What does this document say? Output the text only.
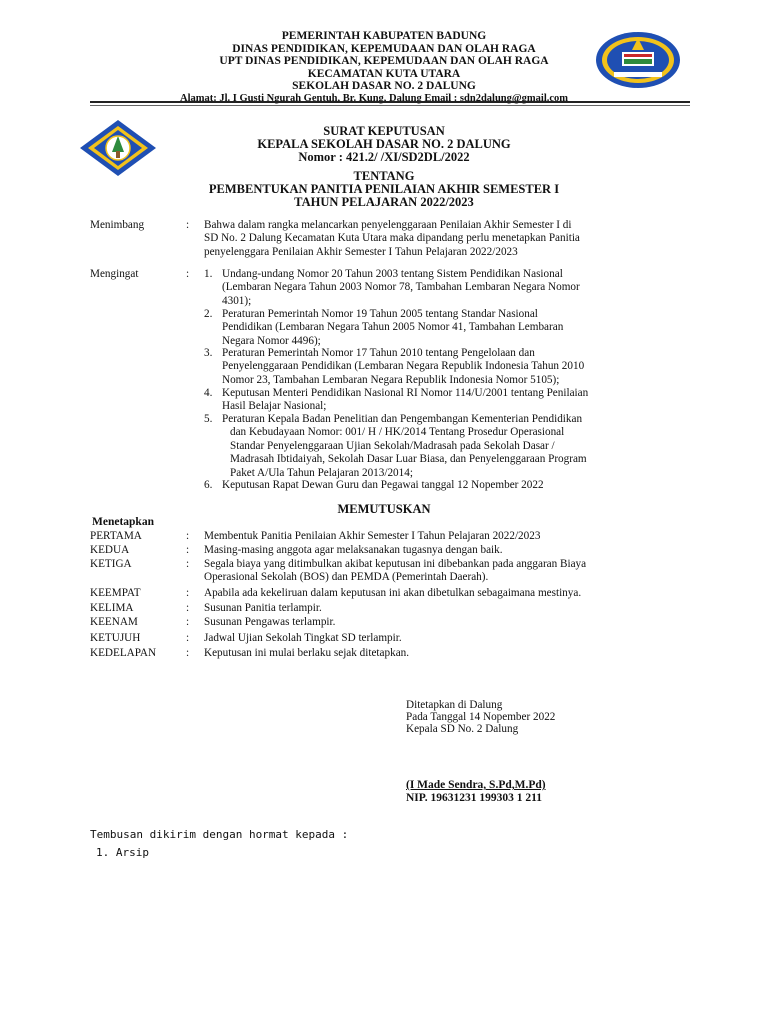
PEMERINTAH KABUPATEN BADUNG
DINAS PENDIDIKAN, KEPEMUDAAN DAN OLAH RAGA
UPT DINAS PENDIDIKAN, KEPEMUDAAN DAN OLAH RAGA
KECAMATAN KUTA UTARA
SEKOLAH DASAR NO. 2 DALUNG
Alamat: Jl. I Gusti Ngurah Gentuh, Br. Kung, Dalung Email : sdn2dalung@gmail.com
SURAT KEPUTUSAN
KEPALA SEKOLAH DASAR NO. 2 DALUNG
Nomor : 421.2/ /XI/SD2DL/2022
TENTANG
PEMBENTUKAN PANITIA PENILAIAN AKHIR SEMESTER I
TAHUN PELAJARAN 2022/2023
Menimbang	: Bahwa dalam rangka melancarkan penyelenggaraan Penilaian Akhir Semester I di
SD No. 2 Dalung Kecamatan Kuta Utara maka dipandang perlu menetapkan Panitia
penyelenggara Penilaian Akhir Semester I Tahun Pelajaran 2022/2023
Mengingat	: 1. Undang-undang Nomor 20 Tahun 2003 tentang Sistem Pendidikan Nasional
(Lembaran Negara Tahun 2003 Nomor 78, Tambahan Lembaran Negara Nomor
4301);
2. Peraturan Pemerintah Nomor 19 Tahun 2005 tentang Standar Nasional
Pendidikan (Lembaran Negara Tahun 2005 Nomor 41, Tambahan Lembaran
Negara Nomor 4496);
3. Peraturan Pemerintah Nomor 17 Tahun 2010 tentang Pengelolaan dan
Penyelenggaraan Pendidikan (Lembaran Negara Republik Indonesia Tahun 2010
Nomor 23, Tambahan Lembaran Negara Republik Indonesia Nomor 5105);
4. Keputusan Menteri Pendidikan Nasional RI Nomor 114/U/2001 tentang Penilaian
Hasil Belajar Nasional;
5. Peraturan Kepala Badan Penelitian dan Pengembangan Kementerian Pendidikan
dan Kebudayaan Nomor: 001/ H / HK/2014 Tentang Prosedur Operasional
Standar Penyelenggaraan Ujian Sekolah/Madrasah pada Sekolah Dasar /
Madrasah Ibtidaiyah, Sekolah Dasar Luar Biasa, dan Penyelenggaraan Program
Paket A/Ula Tahun Pelajaran 2013/2014;
6. Keputusan Rapat Dewan Guru dan Pegawai tanggal 12 Nopember 2022
MEMUTUSKAN
Menetapkan
PERTAMA	: Membentuk Panitia Penilaian Akhir Semester I Tahun Pelajaran 2022/2023
KEDUA	: Masing-masing anggota agar melaksanakan tugasnya dengan baik.
KETIGA	: Segala biaya yang ditimbulkan akibat keputusan ini dibebankan pada anggaran Biaya
Operasional Sekolah (BOS) dan PEMDA (Pemerintah Daerah).
KEEMPAT	: Apabila ada kekeliruan dalam keputusan ini akan dibetulkan sebagaimana mestinya.
KELIMA	: Susunan Panitia terlampir.
KEENAM	: Susunan Pengawas terlampir.
KETUJUH	: Jadwal Ujian Sekolah Tingkat SD terlampir.
KEDELAPAN	: Keputusan ini mulai berlaku sejak ditetapkan.
Ditetapkan di Dalung
Pada Tanggal 14 Nopember 2022
Kepala SD No. 2 Dalung
(I Made Sendra, S.Pd,M.Pd)
NIP. 19631231 199303 1 211
Tembusan dikirim dengan hormat kepada :
1. Arsip
